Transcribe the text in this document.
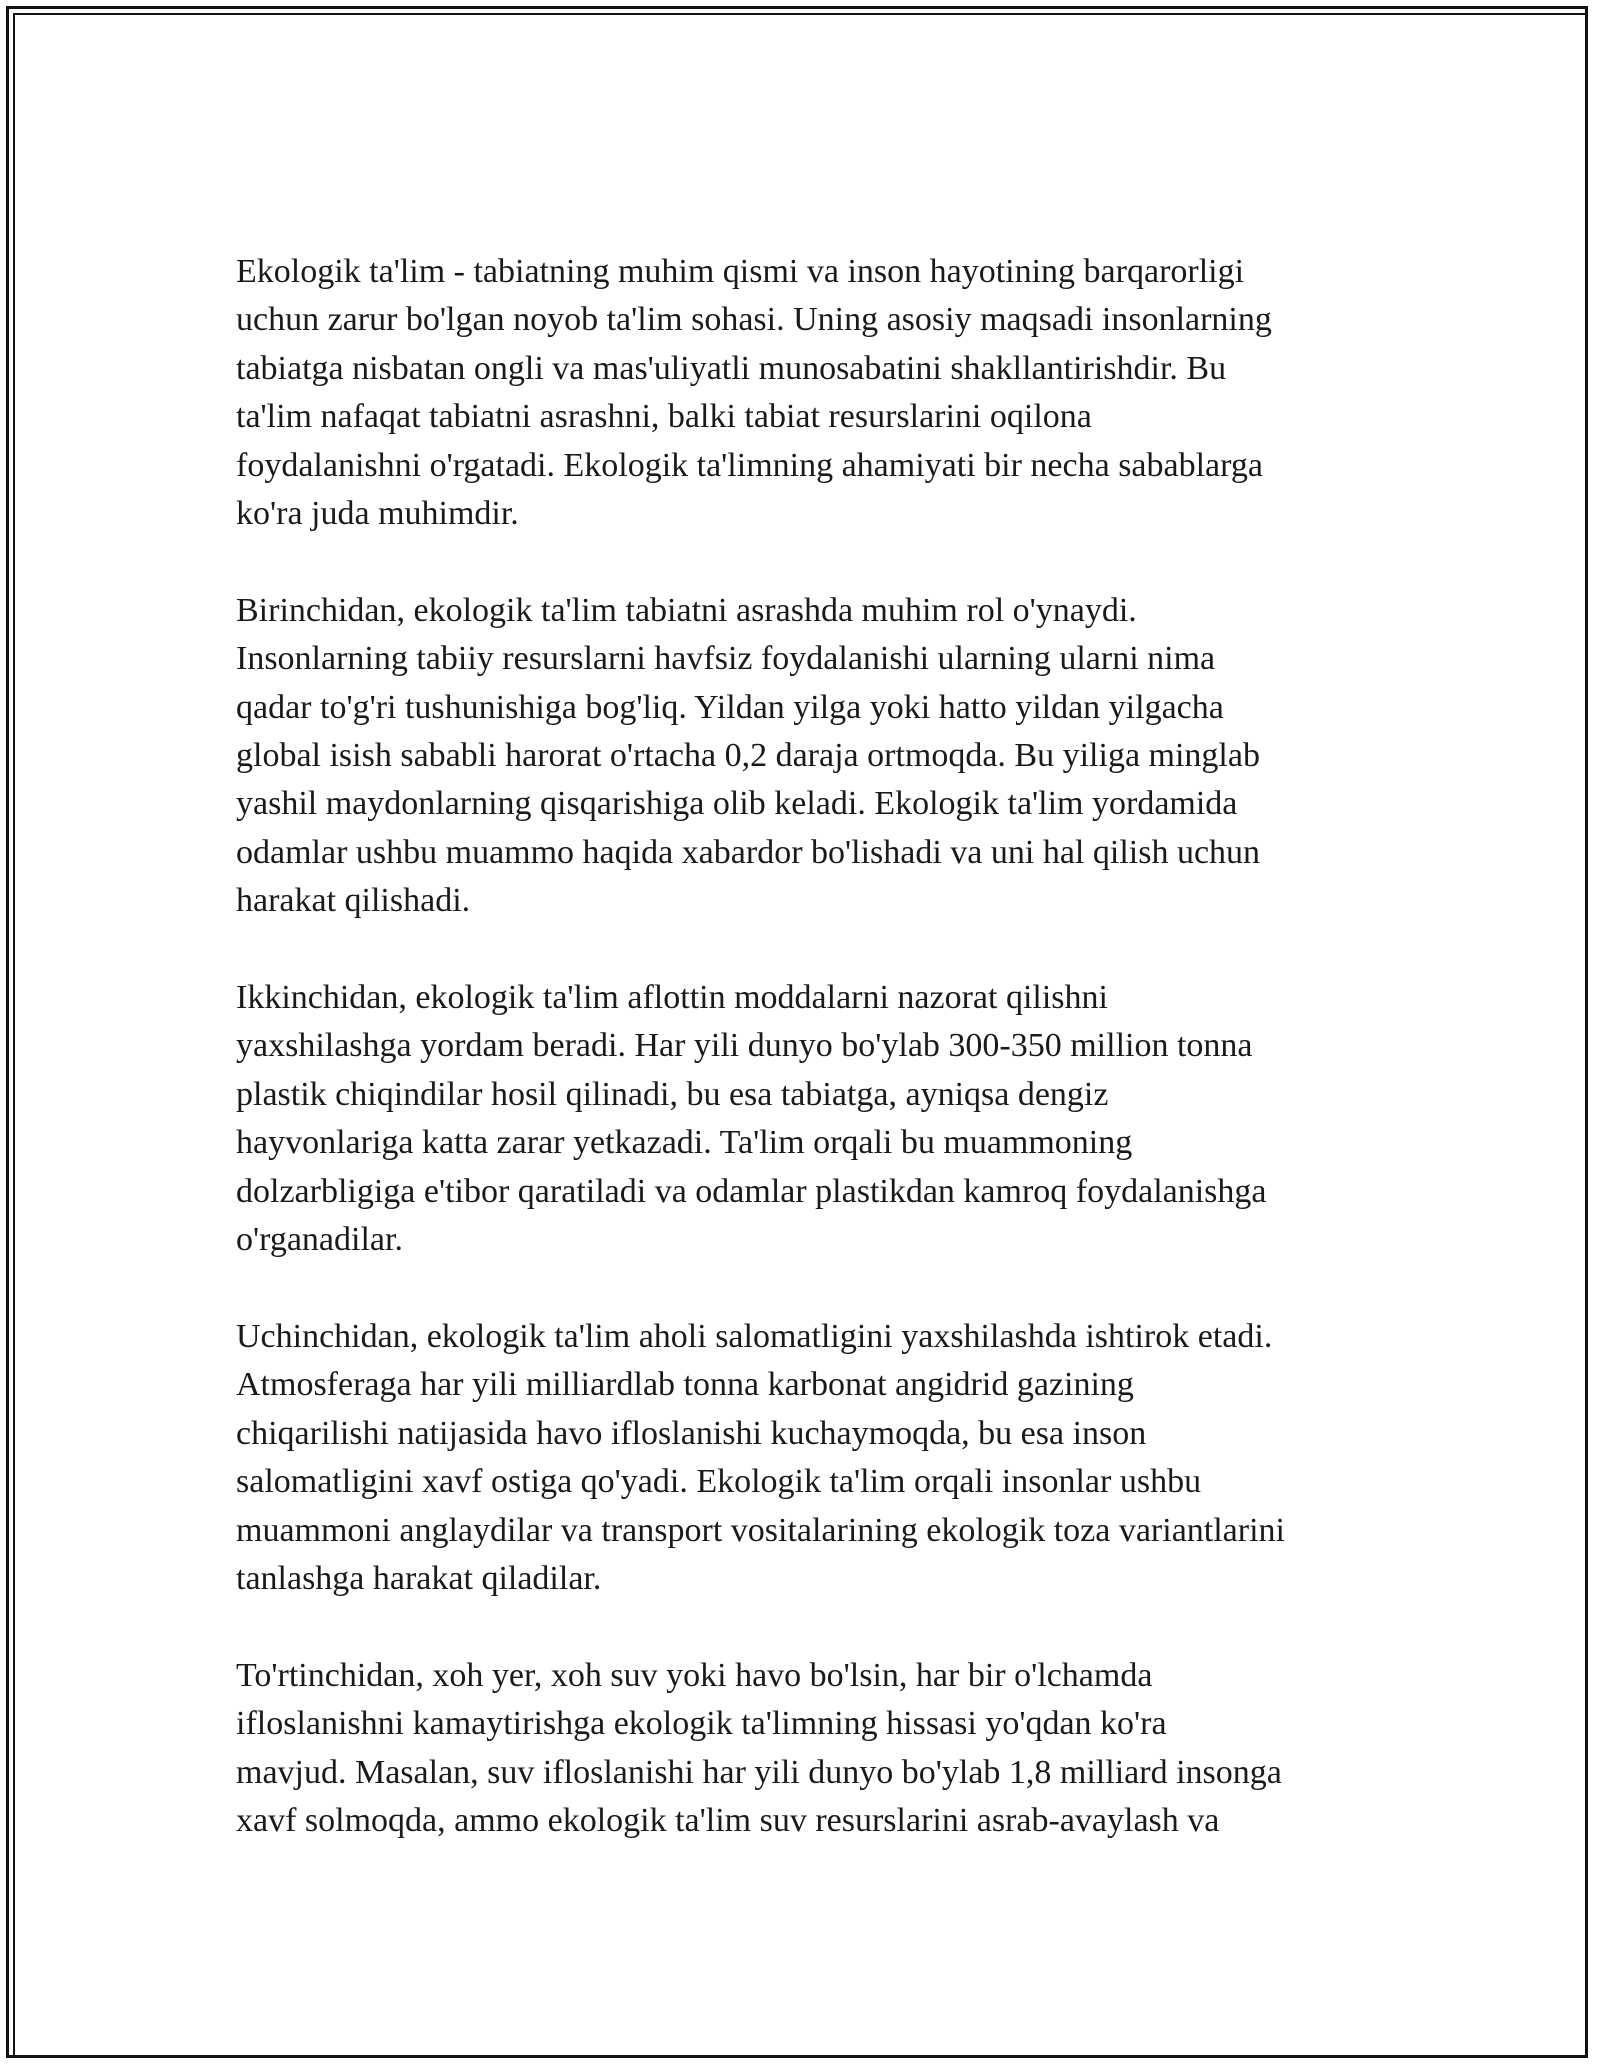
Ekologik ta'lim - tabiatning muhim qismi va inson hayotining barqarorligi
uchun zarur bo'lgan noyob ta'lim sohasi. Uning asosiy maqsadi insonlarning
tabiatga nisbatan ongli va mas'uliyatli munosabatini shakllantirishdir. Bu
ta'lim nafaqat tabiatni asrashni, balki tabiat resurslarini oqilona
foydalanishni o'rgatadi. Ekologik ta'limning ahamiyati bir necha sabablarga
ko'ra juda muhimdir.

Birinchidan, ekologik ta'lim tabiatni asrashda muhim rol o'ynaydi.
Insonlarning tabiiy resurslarni havfsiz foydalanishi ularning ularni nima
qadar to'g'ri tushunishiga bog'liq. Yildan yilga yoki hatto yildan yilgacha
global isish sababli harorat o'rtacha 0,2 daraja ortmoqda. Bu yiliga minglab
yashil maydonlarning qisqarishiga olib keladi. Ekologik ta'lim yordamida
odamlar ushbu muammo haqida xabardor bo'lishadi va uni hal qilish uchun
harakat qilishadi.

Ikkinchidan, ekologik ta'lim aflottin moddalarni nazorat qilishni
yaxshilashga yordam beradi. Har yili dunyo bo'ylab 300-350 million tonna
plastik chiqindilar hosil qilinadi, bu esa tabiatga, ayniqsa dengiz
hayvonlariga katta zarar yetkazadi. Ta'lim orqali bu muammoning
dolzarbligiga e'tibor qaratiladi va odamlar plastikdan kamroq foydalanishga
o'rganadilar.

Uchinchidan, ekologik ta'lim aholi salomatligini yaxshilashda ishtirok etadi.
Atmosferaga har yili milliardlab tonna karbonat angidrid gazining
chiqarilishi natijasida havo ifloslanishi kuchaymoqda, bu esa inson
salomatligini xavf ostiga qo'yadi. Ekologik ta'lim orqali insonlar ushbu
muammoni anglaydilar va transport vositalarining ekologik toza variantlarini
tanlashga harakat qiladilar.

To'rtinchidan, xoh yer, xoh suv yoki havo bo'lsin, har bir o'lchamda
ifloslanishni kamaytirishga ekologik ta'limning hissasi yo'qdan ko'ra
mavjud. Masalan, suv ifloslanishi har yili dunyo bo'ylab 1,8 milliard insonga
xavf solmoqda, ammo ekologik ta'lim suv resurslarini asrab-avaylash va
